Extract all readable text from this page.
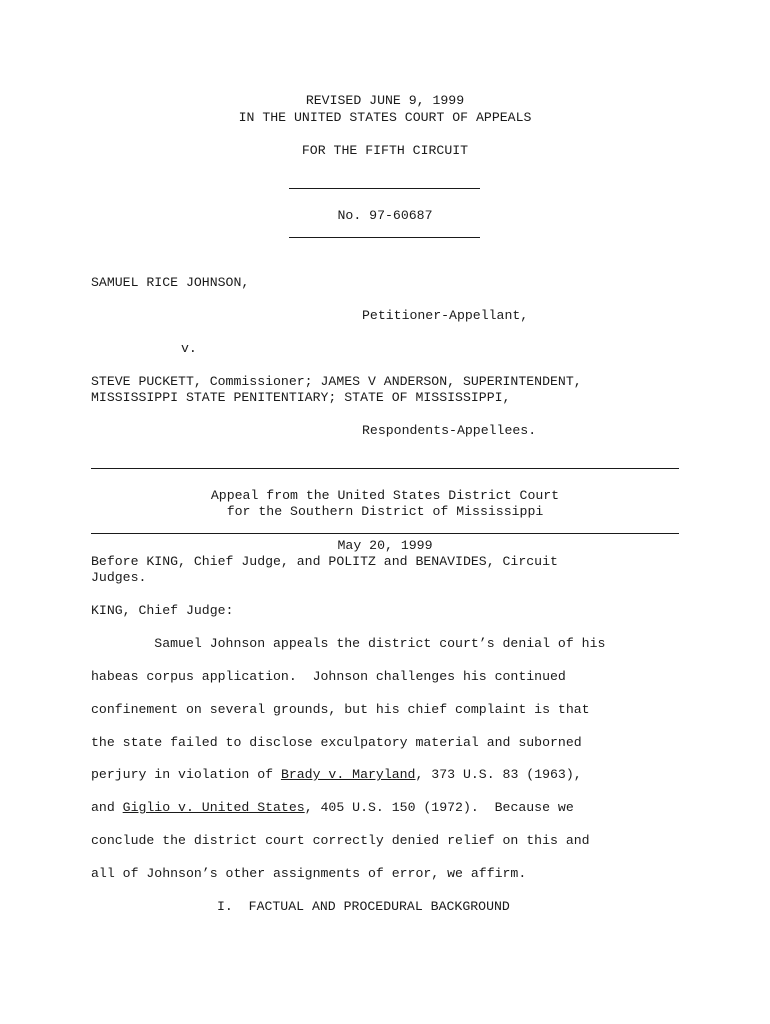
REVISED JUNE 9, 1999
IN THE UNITED STATES COURT OF APPEALS
FOR THE FIFTH CIRCUIT
No. 97-60687
SAMUEL RICE JOHNSON,
Petitioner-Appellant,
v.
STEVE PUCKETT, Commissioner; JAMES V ANDERSON, SUPERINTENDENT,
MISSISSIPPI STATE PENITENTIARY; STATE OF MISSISSIPPI,
Respondents-Appellees.
Appeal from the United States District Court
for the Southern District of Mississippi
May 20, 1999
Before KING, Chief Judge, and POLITZ and BENAVIDES, Circuit
Judges.
KING, Chief Judge:
Samuel Johnson appeals the district court’s denial of his
habeas corpus application.  Johnson challenges his continued
confinement on several grounds, but his chief complaint is that
the state failed to disclose exculpatory material and suborned
perjury in violation of Brady v. Maryland, 373 U.S. 83 (1963),
and Giglio v. United States, 405 U.S. 150 (1972).  Because we
conclude the district court correctly denied relief on this and
all of Johnson’s other assignments of error, we affirm.
I.  FACTUAL AND PROCEDURAL BACKGROUND
